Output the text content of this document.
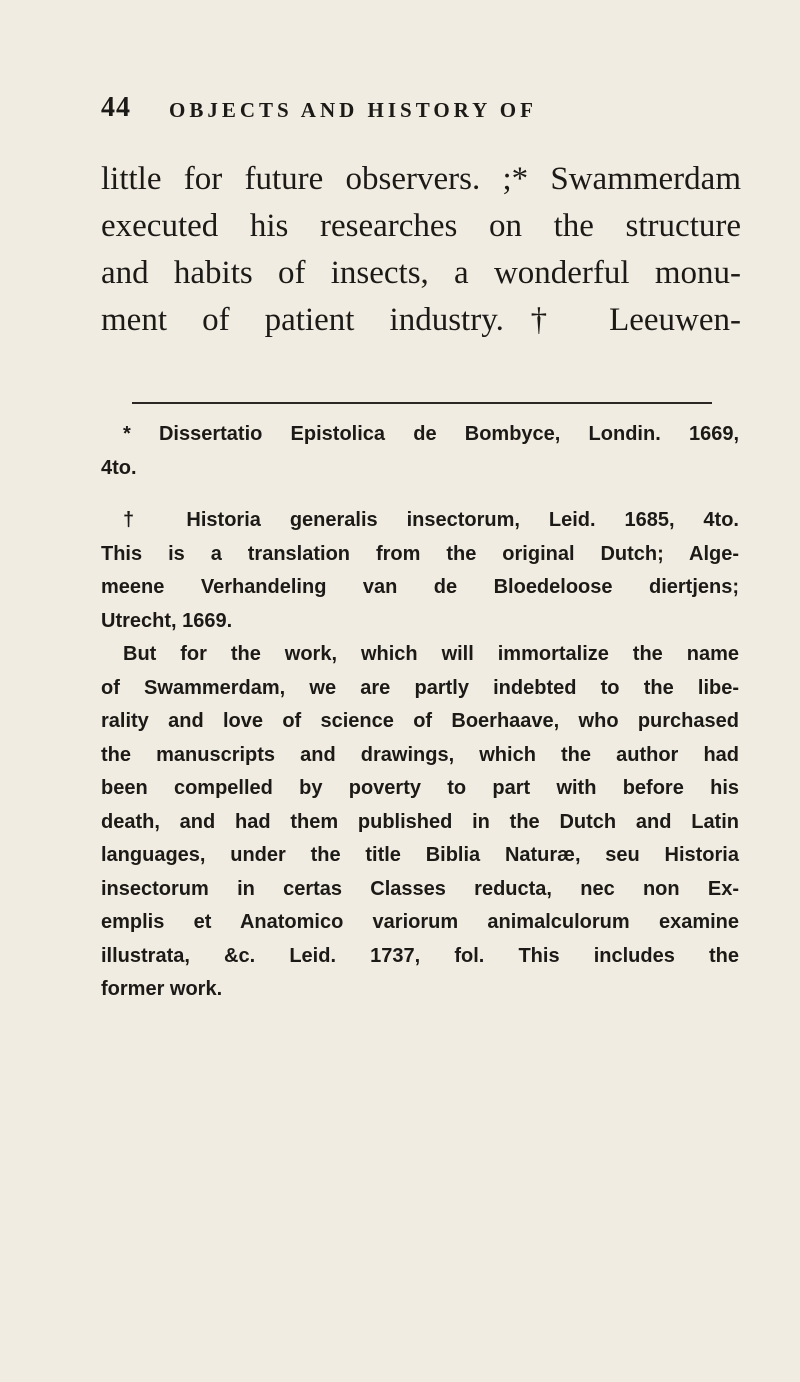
44 OBJECTS AND HISTORY OF

little for future observers. ;* Swammerdam
executed his researches on the structure
and habits of insects, a wonderful monu-
ment of patient industry.† Leeuwen-

* Dissertatio Epistolica de Bombyce, Londin. 1669,
4to.
† Historia generalis insectorum, Leid. 1685, 4to.
This is a translation from the original Dutch; Alge-
meene Verhandeling van de Bloedeloose diertjens;
Utrecht, 1669.
But for the work, which will immortalize the name
of Swammerdam, we are partly indebted to the libe-
rality and love of science of Boerhaave, who purchased
the manuscripts and drawings, which the author had
been compelled by poverty to part with before his
death, and had them published in the Dutch and Latin
languages, under the title Biblia Naturæ, seu Historia
insectorum in certas Classes reducta, nec non Ex-
emplis et Anatomico variorum animalculorum examine
illustrata, &c. Leid. 1737, fol. This includes the
former work.
